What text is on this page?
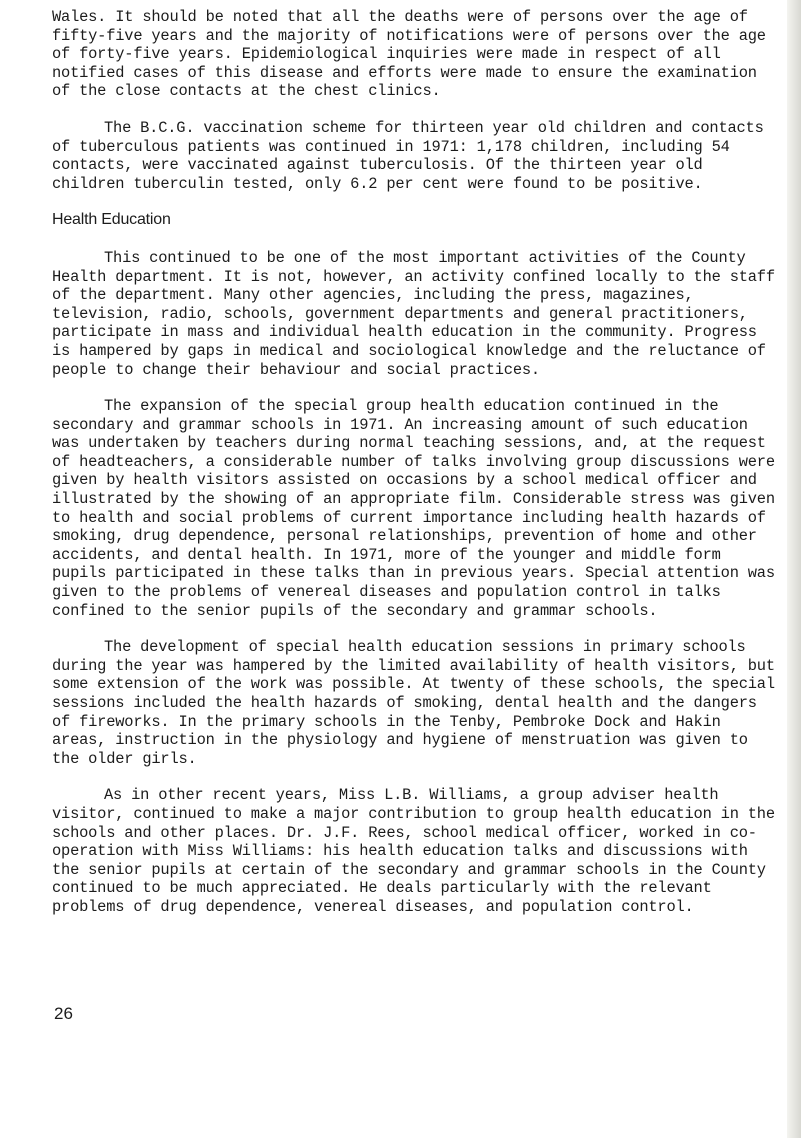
Wales. It should be noted that all the deaths were of persons over the age of fifty-five years and the majority of notifications were of persons over the age of forty-five years. Epidemiological inquiries were made in respect of all notified cases of this disease and efforts were made to ensure the examination of the close contacts at the chest clinics.

The B.C.G. vaccination scheme for thirteen year old children and contacts of tuberculous patients was continued in 1971: 1,178 children, including 54 contacts, were vaccinated against tuberculosis. Of the thirteen year old children tuberculin tested, only 6.2 per cent were found to be positive.

Health Education

This continued to be one of the most important activities of the County Health department. It is not, however, an activity confined locally to the staff of the department. Many other agencies, including the press, magazines, television, radio, schools, government departments and general practitioners, participate in mass and individual health education in the community. Progress is hampered by gaps in medical and sociological knowledge and the reluctance of people to change their behaviour and social practices.

The expansion of the special group health education continued in the secondary and grammar schools in 1971. An increasing amount of such education was undertaken by teachers during normal teaching sessions, and, at the request of headteachers, a considerable number of talks involving group discussions were given by health visitors assisted on occasions by a school medical officer and illustrated by the showing of an appropriate film. Considerable stress was given to health and social problems of current importance including health hazards of smoking, drug dependence, personal relationships, prevention of home and other accidents, and dental health. In 1971, more of the younger and middle form pupils participated in these talks than in previous years. Special attention was given to the problems of venereal diseases and population control in talks confined to the senior pupils of the secondary and grammar schools.

The development of special health education sessions in primary schools during the year was hampered by the limited availability of health visitors, but some extension of the work was possible. At twenty of these schools, the special sessions included the health hazards of smoking, dental health and the dangers of fireworks. In the primary schools in the Tenby, Pembroke Dock and Hakin areas, instruction in the physiology and hygiene of menstruation was given to the older girls.

As in other recent years, Miss L.B. Williams, a group adviser health visitor, continued to make a major contribution to group health education in the schools and other places. Dr. J.F. Rees, school medical officer, worked in co-operation with Miss Williams: his health education talks and discussions with the senior pupils at certain of the secondary and grammar schools in the County continued to be much appreciated. He deals particularly with the relevant problems of drug dependence, venereal diseases, and population control.

26
